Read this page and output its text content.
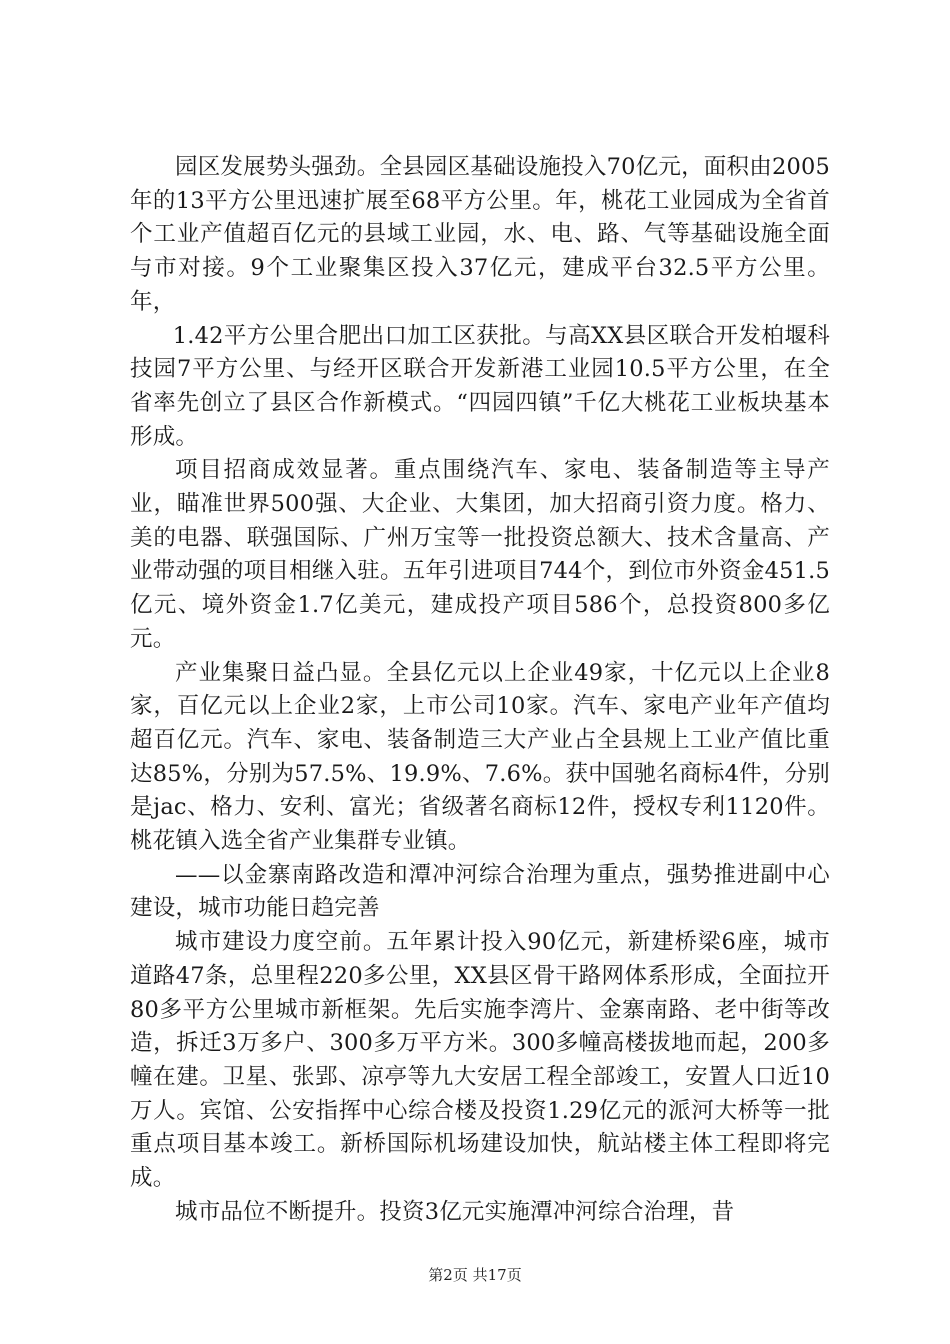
园区发展势头强劲。全县园区基础设施投入70亿元，面积由2005年的13平方公里迅速扩展至68平方公里。年，桃花工业园成为全省首个工业产值超百亿元的县域工业园，水、电、路、气等基础设施全面与市对接。9个工业聚集区投入37亿元，建成平台32.5平方公里。年，

1.42平方公里合肥出口加工区获批。与高XX县区联合开发柏堰科技园7平方公里、与经开区联合开发新港工业园10.5平方公里，在全省率先创立了县区合作新模式。“四园四镇”千亿大桃花工业板块基本形成。

项目招商成效显著。重点围绕汽车、家电、装备制造等主导产业，瞄准世界500强、大企业、大集团，加大招商引资力度。格力、美的电器、联强国际、广州万宝等一批投资总额大、技术含量高、产业带动强的项目相继入驻。五年引进项目744个，到位市外资金451.5亿元、境外资金1.7亿美元，建成投产项目586个，总投资800多亿元。

产业集聚日益凸显。全县亿元以上企业49家，十亿元以上企业8家，百亿元以上企业2家，上市公司10家。汽车、家电产业年产值均超百亿元。汽车、家电、装备制造三大产业占全县规上工业产值比重达85%，分别为57.5%、19.9%、7.6%。获中国驰名商标4件，分别是jac、格力、安利、富光；省级著名商标12件，授权专利1120件。桃花镇入选全省产业集群专业镇。

——以金寨南路改造和潭冲河综合治理为重点，强势推进副中心建设，城市功能日趋完善

城市建设力度空前。五年累计投入90亿元，新建桥梁6座，城市道路47条，总里程220多公里，XX县区骨干路网体系形成，全面拉开80多平方公里城市新框架。先后实施李湾片、金寨南路、老中街等改造，拆迁3万多户、300多万平方米。300多幢高楼拔地而起，200多幢在建。卫星、张郢、凉亭等九大安居工程全部竣工，安置人口近10万人。宾馆、公安指挥中心综合楼及投资1.29亿元的派河大桥等一批重点项目基本竣工。新桥国际机场建设加快，航站楼主体工程即将完成。

城市品位不断提升。投资3亿元实施潭冲河综合治理，昔

第2页 共17页
